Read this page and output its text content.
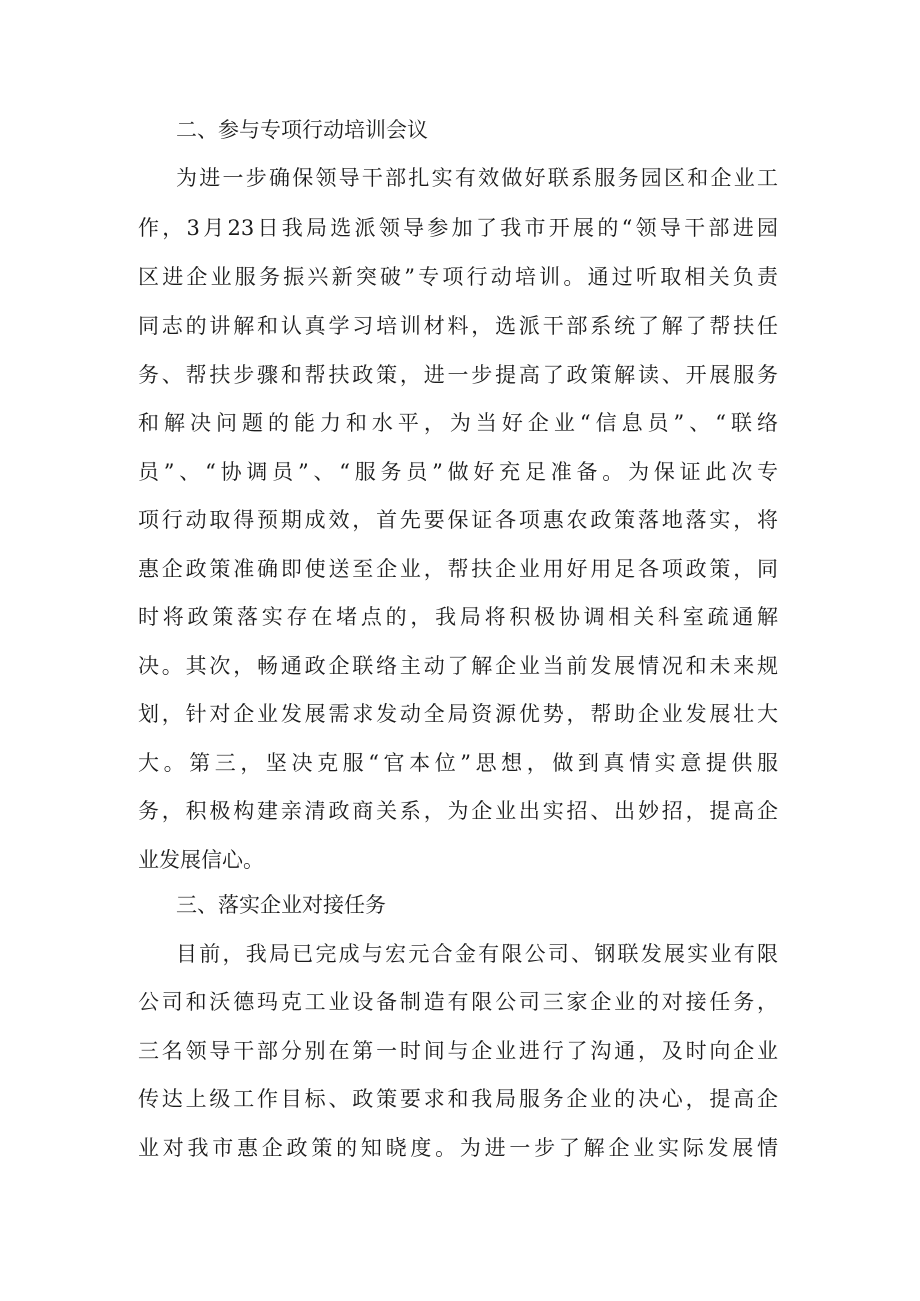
二、参与专项行动培训会议
为进一步确保领导干部扎实有效做好联系服务园区和企业工
作，3月23日我局选派领导参加了我市开展的“领导干部进园
区进企业服务振兴新突破”专项行动培训。通过听取相关负责
同志的讲解和认真学习培训材料，选派干部系统了解了帮扶任
务、帮扶步骤和帮扶政策，进一步提高了政策解读、开展服务
和解决问题的能力和水平，为当好企业“信息员”、“联络
员”、“协调员”、“服务员”做好充足准备。为保证此次专
项行动取得预期成效，首先要保证各项惠农政策落地落实，将
惠企政策准确即使送至企业，帮扶企业用好用足各项政策，同
时将政策落实存在堵点的，我局将积极协调相关科室疏通解
决。其次，畅通政企联络主动了解企业当前发展情况和未来规
划，针对企业发展需求发动全局资源优势，帮助企业发展壮大
大。第三，坚决克服“官本位”思想，做到真情实意提供服
务，积极构建亲清政商关系，为企业出实招、出妙招，提高企
业发展信心。
三、落实企业对接任务
目前，我局已完成与宏元合金有限公司、钢联发展实业有限
公司和沃德玛克工业设备制造有限公司三家企业的对接任务，
三名领导干部分别在第一时间与企业进行了沟通，及时向企业
传达上级工作目标、政策要求和我局服务企业的决心，提高企
业对我市惠企政策的知晓度。为进一步了解企业实际发展情
